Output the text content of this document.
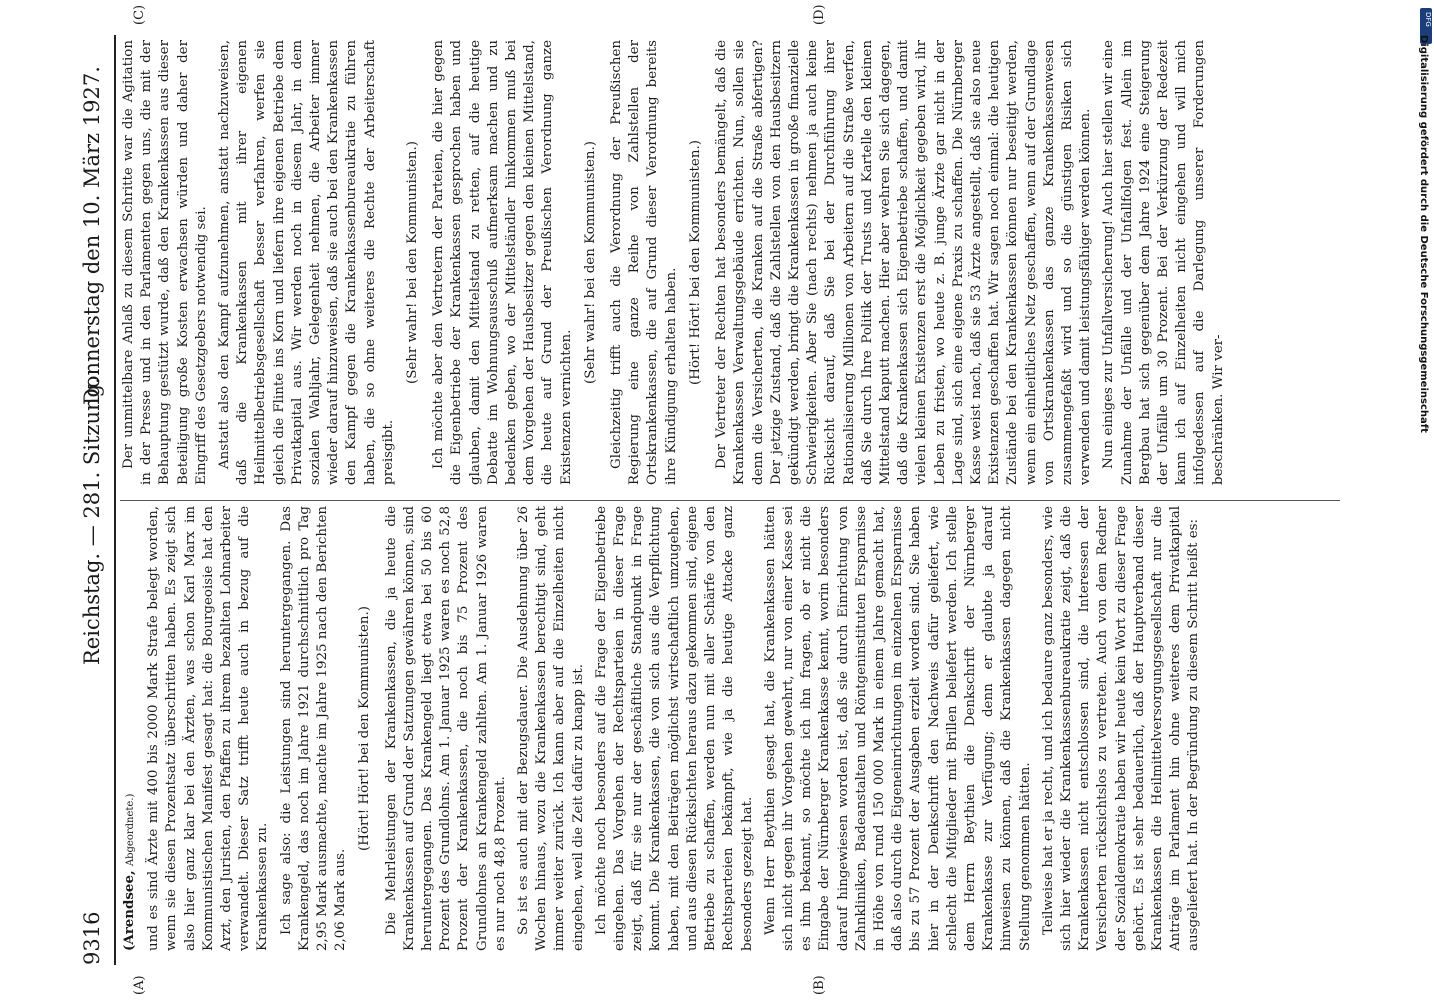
9316
Reichstag. — 281. Sitzung.
Donnerstag den 10. März 1927.
(A)	(B)
(C)	(D)

(Arendsee, Abgeordnete.) und es sind Ärzte mit 400 bis 2000 Mark Strafe belegt worden, wenn sie diesen Prozentsatz überschritten haben. Es zeigt sich also hier ganz klar bei den Ärzten, was schon Karl Marx im Kommunistischen Manifest gesagt hat: die Bourgeoisie hat den Arzt, den Juristen, den Pfaffen zu ihrem bezahlten Lohnarbeiter verwandelt. Dieser Satz trifft heute auch in bezug auf die Krankenkassen zu. Ich sage also: die Leistungen sind heruntergegangen. Das Krankengeld, das noch im Jahre 1921 durchschnittlich pro Tag 2,95 Mark ausmachte, machte im Jahre 1925 nach den Berichten 2,06 Mark aus.

(Hört! Hört! bei den Kommunisten.) Die Mehrleistungen der Krankenkassen, die ja heute die Krankenkassen auf Grund der Satzungen gewähren können, sind heruntergegangen. Das Krankengeld liegt etwa bei 50 bis 60 Prozent des Grundlohns. Am 1. Januar 1925 waren es noch 52,8 Prozent der Krankenkassen, die noch bis 75 Prozent des Grundlohnes an Krankengeld zahlten. Am 1. Januar 1926 waren es nur noch 48,8 Prozent. So ist es auch mit der Bezugsdauer. Die Ausdehnung über 26 Wochen hinaus, wozu die Krankenkassen berechtigt sind, geht immer weiter zurück. Ich kann aber auf die Einzelheiten nicht eingehen, weil die Zeit dafür zu knapp ist. Ich möchte noch besonders auf die Frage der Eigenbetriebe eingehen. Das Vorgehen der Rechtsparteien in dieser Frage zeigt, daß für sie nur der geschäftliche Standpunkt in Frage kommt. Die Krankenkassen, die von sich aus die Verpflichtung haben, mit den Beiträgen möglichst wirtschaftlich umzugehen, und aus diesen Rücksichten heraus dazu gekommen sind, eigene Betriebe zu schaffen, werden nun mit aller Schärfe von den Rechtsparteien bekämpft, wie ja die heutige Attacke ganz besonders gezeigt hat. Wenn Herr Beythien gesagt hat, die Krankenkassen hätten sich nicht gegen ihr Vorgehen gewehrt, nur von einer Kasse sei es ihm bekannt, so möchte ich ihn fragen, ob er nicht die Eingabe der Nürnberger Krankenkasse kennt, worin besonders darauf hingewiesen worden ist, daß sie durch Einrichtung von Zahnkliniken, Badeanstalten und Röntgeninstituten Ersparnisse in Höhe von rund 150 000 Mark in einem Jahre gemacht hat, daß also durch die Eigeneinrichtungen im einzelnen Ersparnisse bis zu 57 Prozent der Ausgaben erzielt worden sind. Sie haben hier in der Denkschrift den Nachweis dafür geliefert, wie schlecht die Mitglieder mit Brillen beliefert werden. Ich stelle dem Herrn Beythien die Denkschrift der Nürnberger Krankenkasse zur Verfügung; denn er glaubte ja darauf hinweisen zu können, daß die Krankenkassen dagegen nicht Stellung genommen hätten. Teilweise hat er ja recht, und ich bedaure ganz besonders, wie sich hier wieder die Krankenkassenbureaukratie zeigt, daß die Krankenkassen nicht entschlossen sind, die Interessen der Versicherten rücksichtslos zu vertreten. Auch von dem Redner der Sozialdemokratie haben wir heute kein Wort zu dieser Frage gehört. Es ist sehr bedauerlich, daß der Hauptverband dieser Krankenkassen die Heilmittelversorgungsgesellschaft nur die Anträge im Parlament hin ohne weiteres dem Privatkapital ausgeliefert hat. In der Begründung zu diesem Schritt heißt es:

Der unmittelbare Anlaß zu diesem Schritte war die Agitation in der Presse und in den Parlamenten gegen uns, die mit der Behauptung gestützt wurde, daß den Krankenkassen aus dieser Beteiligung große Kosten erwachsen würden und daher der Eingriff des Gesetzgebers notwendig sei. Anstatt also den Kampf aufzunehmen, anstatt nachzuweisen, daß die Krankenkassen mit ihrer eigenen Heilmittelbetriebsgesellschaft besser verfahren, werfen sie gleich die Flinte ins Korn und liefern ihre eigenen Betriebe dem Privatkapital aus. Wir werden noch in diesem Jahr, in dem sozialen Wahljahr, Gelegenheit nehmen, die Arbeiter immer wieder darauf hinzuweisen, daß sie auch bei den Krankenkassen den Kampf gegen die Krankenkassenbureaukratie zu führen haben, die so ohne weiteres die Rechte der Arbeiterschaft preisgibt.

(Sehr wahr! bei den Kommunisten.) Ich möchte aber den Vertretern der Parteien, die hier gegen die Eigenbetriebe der Krankenkassen gesprochen haben und glauben, damit den Mittelstand zu retten, auf die heutige Debatte im Wohnungsausschuß aufmerksam machen und zu bedenken geben, wo der Mittelständler hinkommen muß bei dem Vorgehen der Hausbesitzer gegen den kleinen Mittelstand, die heute auf Grund der Preußischen Verordnung ganze Existenzen vernichten.

(Sehr wahr! bei den Kommunisten.) Gleichzeitig trifft auch die Verordnung der Preußischen Regierung eine ganze Reihe von Zahlstellen der Ortskrankenkassen, die auf Grund dieser Verordnung bereits ihre Kündigung erhalten haben. (Hört! Hört! bei den Kommunisten.) Der Vertreter der Rechten hat besonders bemängelt, daß die Krankenkassen Verwaltungsgebäude errichten. Nun, sollen sie denn die Versicherten, die Kranken auf die Straße abfertigen? Der jetzige Zustand, daß die Zahlstellen von den Hausbesitzern gekündigt werden, bringt die Krankenkassen in große finanzielle Schwierigkeiten. Aber Sie (nach rechts) nehmen ja auch keine Rücksicht darauf, daß Sie bei der Durchführung ihrer Rationalisierung Millionen von Arbeitern auf die Straße werfen, daß Sie durch Ihre Politik der Trusts und Kartelle den kleinen Mittelstand kaputt machen. Hier aber wehren Sie sich dagegen, daß die Krankenkassen sich Eigenbetriebe schaffen, und damit vielen kleinen Existenzen erst die Möglichkeit gegeben wird, ihr Leben zu fristen, wo heute z. B. junge Ärzte gar nicht in der Lage sind, sich eine eigene Praxis zu schaffen. Die Nürnberger Kasse weist nach, daß sie 53 Ärzte angestellt, daß sie also neue Existenzen geschaffen hat. Wir sagen noch einmal: die heutigen Zustände bei den Krankenkassen können nur beseitigt werden, wenn ein einheitliches Netz geschaffen, wenn auf der Grundlage von Ortskrankenkassen das ganze Krankenkassenwesen zusammengefaßt wird und so die günstigen Risiken sich verwenden und damit leistungsfähiger werden können. Nun einiges zur Unfallversicherung! Auch hier stellen wir eine Zunahme der Unfälle und der Unfallfolgen fest. Allein im Bergbau hat sich gegenüber dem Jahre 1924 eine Steigerung der Unfälle um 30 Prozent. Bei der Verkürzung der Redezeit kann ich auf Einzelheiten nicht eingehen und will mich infolgedessen auf die Darlegung unserer Forderungen beschränken. Wir ver-

DFG
Digitalisierung gefördert durch die Deutsche Forschungsgemeinschaft
